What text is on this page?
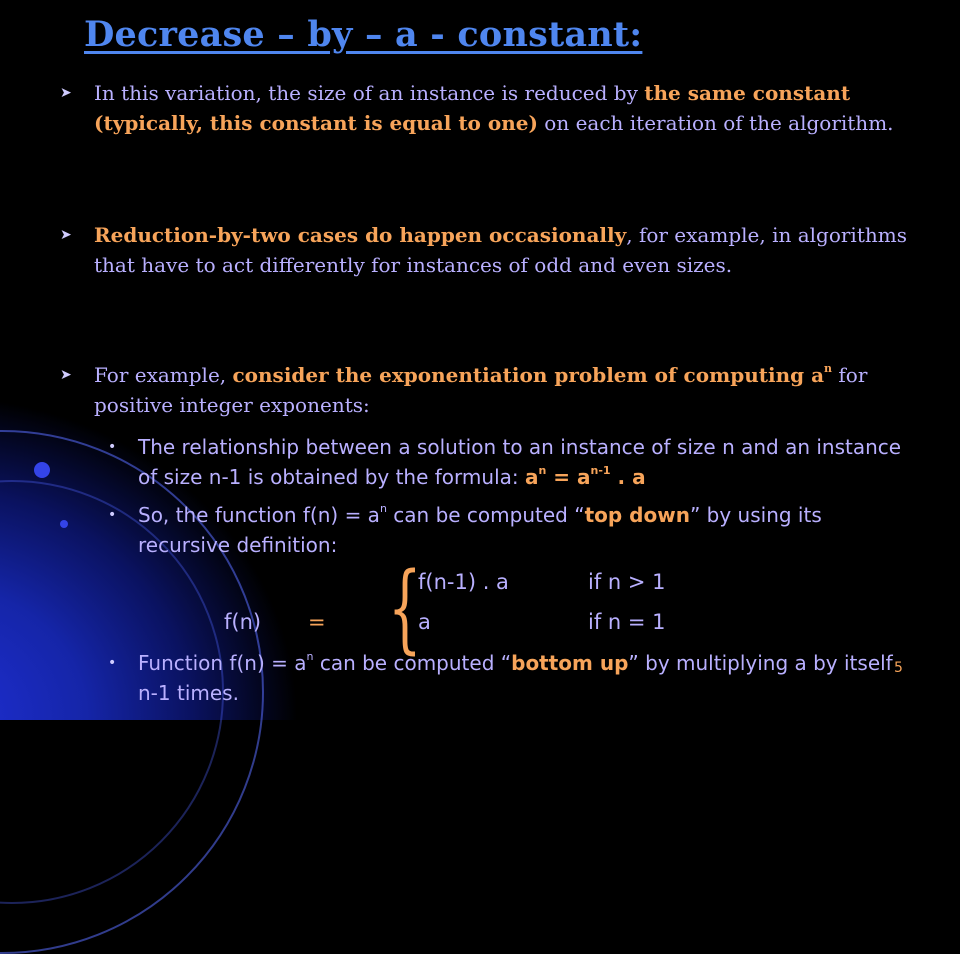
Decrease – by – a - constant:
➤ In this variation, the size of an instance is reduced by the same constant (typically, this constant is equal to one) on each iteration of the algorithm.
➤ Reduction-by-two cases do happen occasionally, for example, in algorithms that have to act differently for instances of odd and even sizes.
➤ For example, consider the exponentiation problem of computing $a^n$ for positive integer exponents:
• The relationship between a solution to an instance of size n and an instance of size n-1 is obtained by the formula: $a^n = a^{n-1}$ . a
• So, the function $f(n) = a^n$ can be computed “top down” by using its recursive definition:
f(n-1) . a	if n > 1
f(n) = {
a	if n = 1
• Function $f(n) = a^n$ can be computed “bottom up” by multiplying a by itself n-1 times.
5
